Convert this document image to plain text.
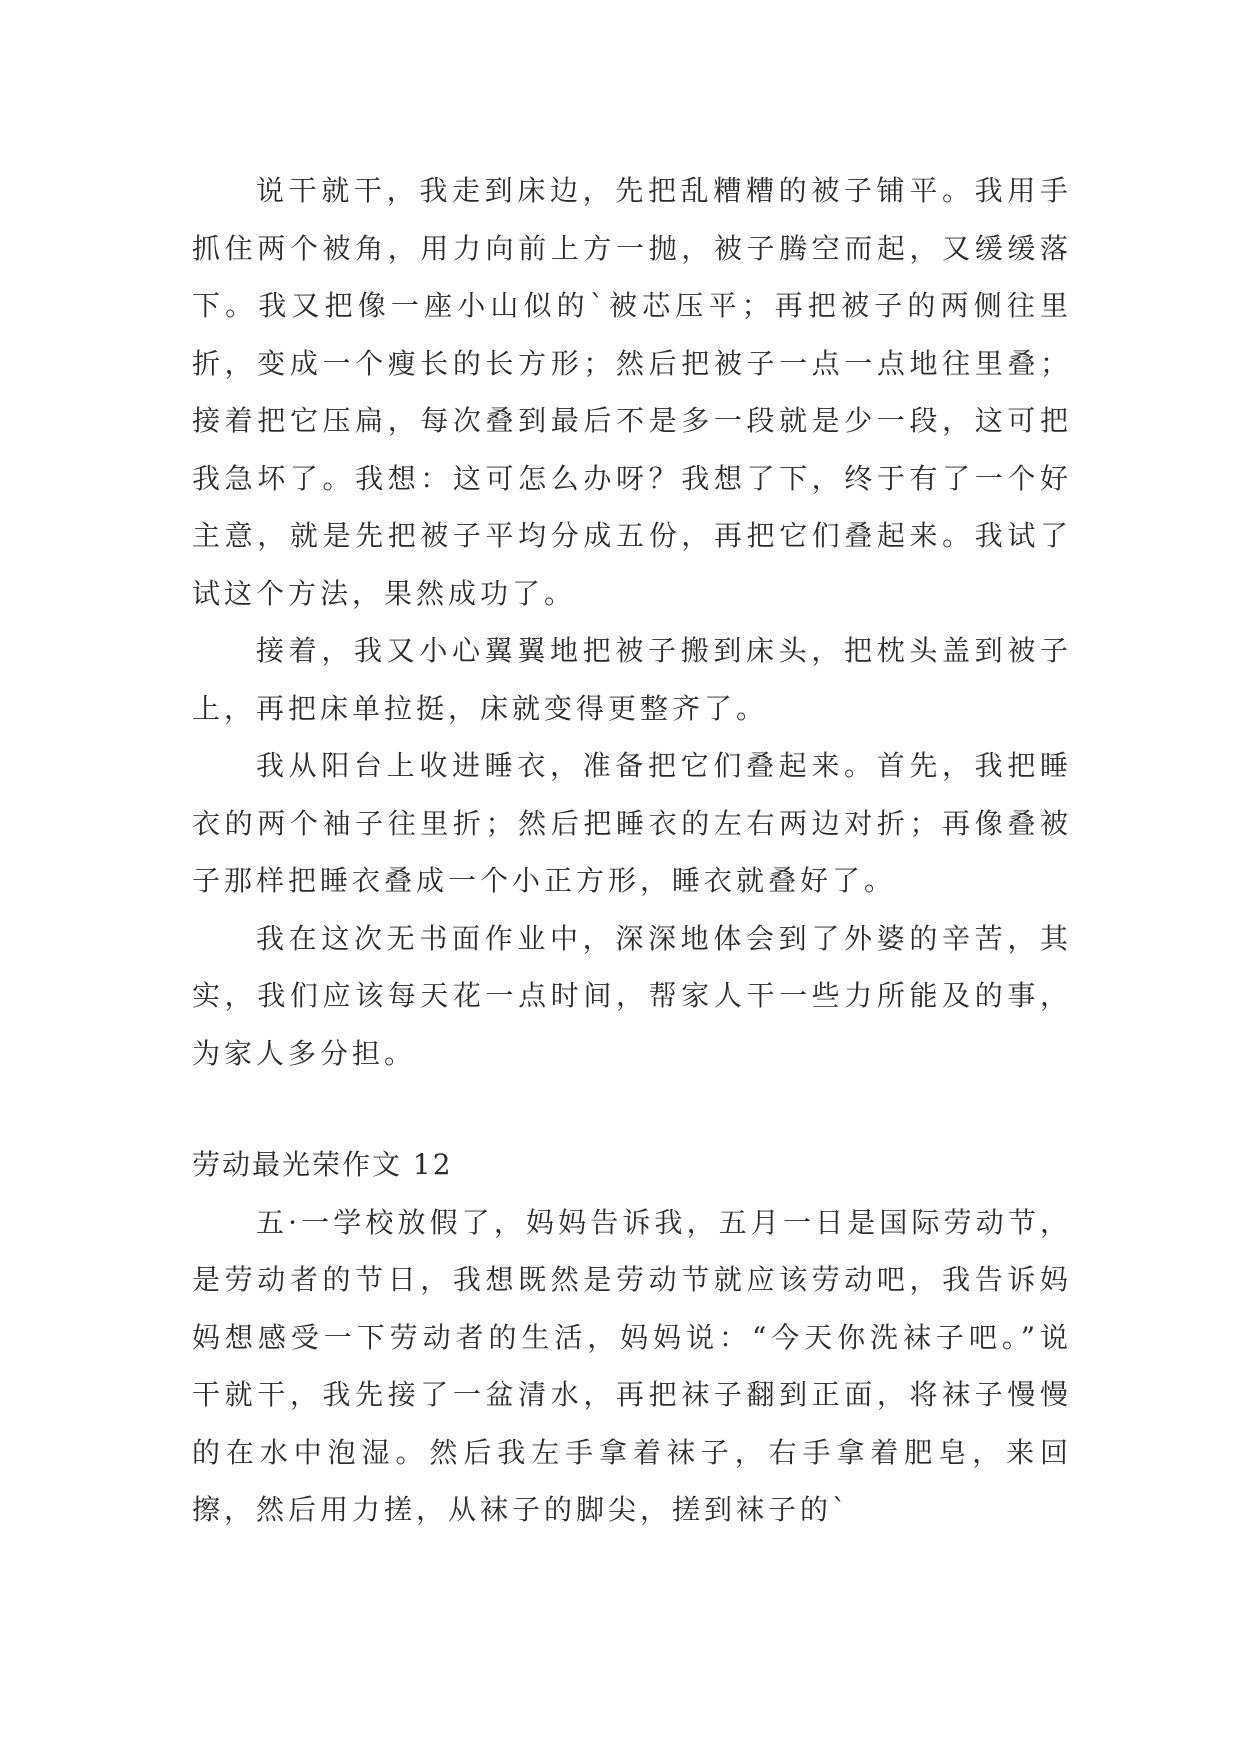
说干就干，我走到床边，先把乱糟糟的被子铺平。我用手抓住两个被角，用力向前上方一抛，被子腾空而起，又缓缓落下。我又把像一座小山似的`被芯压平；再把被子的两侧往里折，变成一个瘦长的长方形；然后把被子一点一点地往里叠；接着把它压扁，每次叠到最后不是多一段就是少一段，这可把我急坏了。我想：这可怎么办呀？我想了下，终于有了一个好主意，就是先把被子平均分成五份，再把它们叠起来。我试了试这个方法，果然成功了。

接着，我又小心翼翼地把被子搬到床头，把枕头盖到被子上，再把床单拉挺，床就变得更整齐了。

我从阳台上收进睡衣，准备把它们叠起来。首先，我把睡衣的两个袖子往里折；然后把睡衣的左右两边对折；再像叠被子那样把睡衣叠成一个小正方形，睡衣就叠好了。

我在这次无书面作业中，深深地体会到了外婆的辛苦，其实，我们应该每天花一点时间，帮家人干一些力所能及的事，为家人多分担。

劳动最光荣作文 12

五·一学校放假了，妈妈告诉我，五月一日是国际劳动节，是劳动者的节日，我想既然是劳动节就应该劳动吧，我告诉妈妈想感受一下劳动者的生活，妈妈说：“今天你洗袜子吧。”说干就干，我先接了一盆清水，再把袜子翻到正面，将袜子慢慢的在水中泡湿。然后我左手拿着袜子，右手拿着肥皂，来回擦，然后用力搓，从袜子的脚尖，搓到袜子的`
